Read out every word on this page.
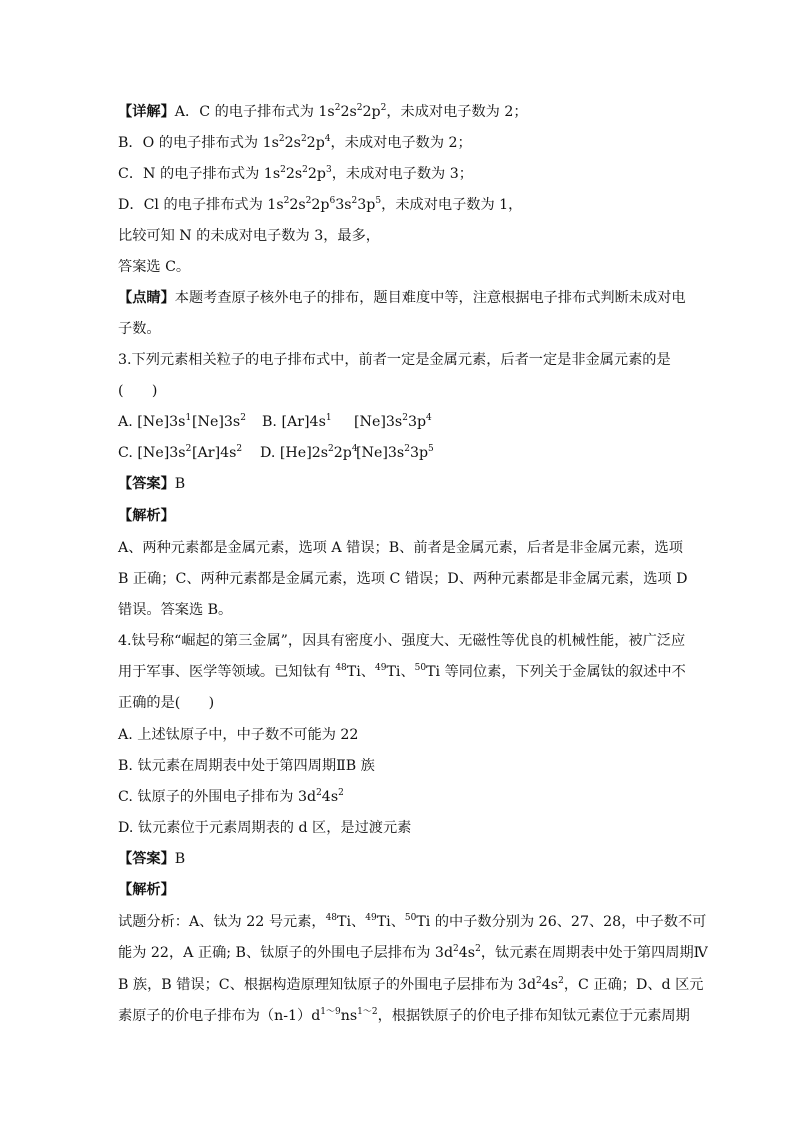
【详解】A．C 的电子排布式为 $1s^22s^22p^2$，未成对电子数为 2；
B．O 的电子排布式为 $1s^22s^22p^4$，未成对电子数为 2；
C．N 的电子排布式为 $1s^22s^22p^3$，未成对电子数为 3；
D．Cl 的电子排布式为 $1s^22s^22p^63s^23p^5$，未成对电子数为 1，
比较可知 N 的未成对电子数为 3，最多，
答案选 C。
【点睛】本题考查原子核外电子的排布，题目难度中等，注意根据电子排布式判断未成对电
子数。
3.下列元素相关粒子的电子排布式中，前者一定是金属元素，后者一定是非金属元素的是
(　　)
A. $[Ne]3s^1[Ne]3s^2$ B. $[Ar]4s^1$ $[Ne]3s^23p^4$
C. $[Ne]3s^2[Ar]4s^2$ D. $[He]2s^22p^4[Ne]3s^23p^5$
【答案】B
【解析】
A、两种元素都是金属元素，选项 A 错误；B、前者是金属元素，后者是非金属元素，选项
B 正确；C、两种元素都是金属元素，选项 C 错误；D、两种元素都是非金属元素，选项 D
错误。答案选 B。
4.钛号称“崛起的第三金属”，因具有密度小、强度大、无磁性等优良的机械性能，被广泛应
用于军事、医学等领域。已知钛有 $^{48}$Ti、$^{49}$Ti、$^{50}$Ti 等同位素，下列关于金属钛的叙述中不
正确的是(　　)
A. 上述钛原子中，中子数不可能为 22
B. 钛元素在周期表中处于第四周期ⅡB 族
C. 钛原子的外围电子排布为 $3d^24s^2$
D. 钛元素位于元素周期表的 d 区，是过渡元素
【答案】B
【解析】
试题分析：A、钛为 22 号元素，$^{48}$Ti、$^{49}$Ti、$^{50}$Ti 的中子数分别为 26、27、28，中子数不可
能为 22，A 正确; B、钛原子的外围电子层排布为 $3d^24s^2$，钛元素在周期表中处于第四周期Ⅳ
B 族，B 错误；C、根据构造原理知钛原子的外围电子层排布为 $3d^24s^2$，C 正确；D、d 区元
素原子的价电子排布为$(n-1)d^{1\sim 9}ns^{1\sim 2}$，根据铁原子的价电子排布知钛元素位于元素周期
